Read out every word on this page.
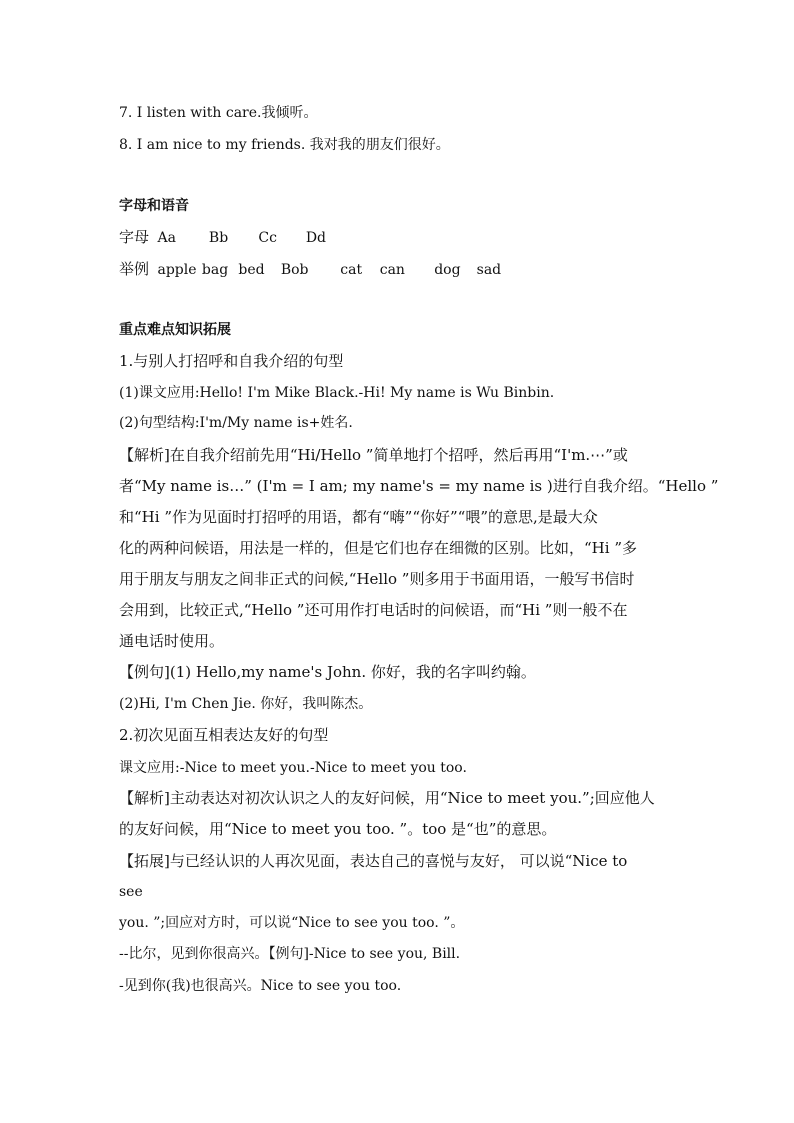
7. I listen with care.我倾听。
8. I am nice to my friends. 我对我的朋友们很好。
字母和语音
字母 Aa Bb Cc Dd
举例 apple bag bed Bob cat can dog sad
重点难点知识拓展
1.与别人打招呼和自我介绍的句型
(1)课文应用:Hello! I'm Mike Black.-Hi! My name is Wu Binbin.
(2)句型结构:I'm/My name is+姓名.
【解析]在自我介绍前先用“Hi/Hello ”简单地打个招呼，然后再用“I'm.⋯”或
者“My name is…” (I'm = I am; my name's = my name is )进行自我介绍。“Hello ”
和“Hi ”作为见面时打招呼的用语，都有“嗨”“你好”“喂”的意思,是最大众
化的两种问候语，用法是一样的，但是它们也存在细微的区别。比如，“Hi ”多
用于朋友与朋友之间非正式的问候,“Hello ”则多用于书面用语，一般写书信时
会用到，比较正式,“Hello ”还可用作打电话时的问候语，而“Hi ”则一般不在
通电话时使用。
【例句](1) Hello,my name's John. 你好，我的名字叫约翰。
(2)Hi, I'm Chen Jie. 你好，我叫陈杰。
2.初次见面互相表达友好的句型
课文应用:-Nice to meet you.-Nice to meet you too.
【解析]主动表达对初次认识之人的友好问候，用“Nice to meet you.”;回应他人
的友好问候，用“Nice to meet you too. ”。too 是“也”的意思。
【拓展]与已经认识的人再次见面，表达自己的喜悦与友好， 可以说“Nice to
see
you. ”;回应对方时，可以说“Nice to see you too. ”。
--比尔，见到你很高兴。【例句]-Nice to see you, Bill.
-见到你(我)也很高兴。Nice to see you too.
